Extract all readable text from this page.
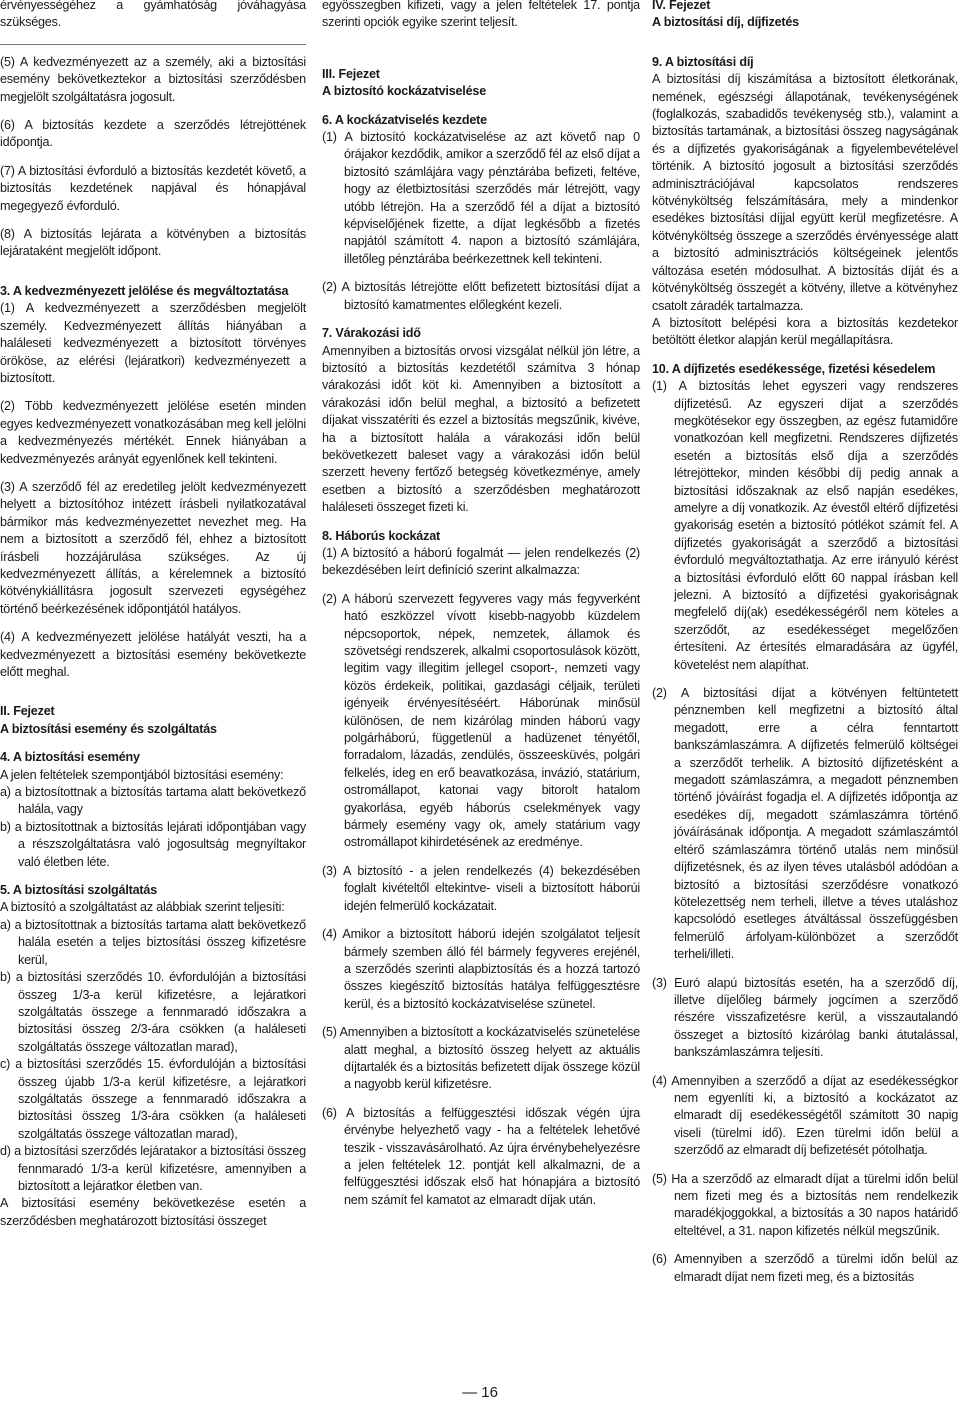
érvényességéhez a gyámhatóság jóváhagyása szükséges.

(5) A kedvezményezett az a személy, aki a biztosítási esemény bekövetkeztekor a biztosítási szerződésben megjelölt szolgáltatásra jogosult.

(6) A biztosítás kezdete a szerződés létrejöttének időpontja.

(7) A biztosítási évforduló a biztosítás kezdetét követő, a biztosítás kezdetének napjával és hónapjával megegyező évforduló.

(8) A biztosítás lejárata a kötvényben a biztosítás lejárataként megjelölt időpont.

3. A kedvezményezett jelölése és megváltoztatása

(1) A kedvezményezett a szerződésben megjelölt személy. Kedvezményezett állítás hiányában a haláleseti kedvezményezett a biztosított törvényes örököse, az elérési (lejáratkori) kedvezményezett a biztosított.

(2) Több kedvezményezett jelölése esetén minden egyes kedvezményezett vonatkozásában meg kell jelölni a kedvezményezés mértékét. Ennek hiányában a kedvezményezés arányát egyenlőnek kell tekinteni.

(3) A szerződő fél az eredetileg jelölt kedvezményezett helyett a biztosítóhoz intézett írásbeli nyilatkozatával bármikor más kedvezményezettet nevezhet meg. Ha nem a biztosított a szerződő fél, ehhez a biztosított írásbeli hozzájárulása szükséges. Az új kedvezményezett állítás, a kérelemnek a biztosító kötvénykiállításra jogosult szervezeti egységéhez történő beérkezésének időpontjától hatályos.

(4) A kedvezményezett jelölése hatályát veszti, ha a kedvezményezett a biztosítási esemény bekövetkezte előtt meghal.

II. Fejezet

A biztosítási esemény és szolgáltatás

4. A biztosítási esemény

A jelen feltételek szempontjából biztosítási esemény:

a) a biztosítottnak a biztosítás tartama alatt bekövetkező halála, vagy

b) a biztosítottnak a biztosítás lejárati időpontjában vagy a részszolgáltatásra való jogosultság megnyíltakor való életben léte.

5. A biztosítási szolgáltatás

A biztosító a szolgáltatást az alábbiak szerint teljesíti:

a) a biztosítottnak a biztosítás tartama alatt bekövetkező halála esetén a teljes biztosítási összeg kifizetésre kerül,

b) a biztosítási szerződés 10. évfordulóján a biztosítási összeg 1/3-a kerül kifizetésre, a lejáratkori szolgáltatás összege a fennmaradó időszakra a biztosítási összeg 2/3-ára csökken (a haláleseti szolgáltatás összege változatlan marad),

c) a biztosítási szerződés 15. évfordulóján a biztosítási összeg újabb 1/3-a kerül kifizetésre, a lejáratkori szolgáltatás összege a fennmaradó időszakra a biztosítási összeg 1/3-ára csökken (a haláleseti szolgáltatás összege változatlan marad),

d) a biztosítási szerződés lejáratakor a biztosítási összeg fennmaradó 1/3-a kerül kifizetésre, amennyiben a biztosított a lejáratkor életben van.

A biztosítási esemény bekövetkezése esetén a szerződésben meghatározott biztosítási összeget

egyösszegben kifizeti, vagy a jelen feltételek 17. pontja szerinti opciók egyike szerint teljesít.

III. Fejezet

A biztosító kockázatviselése

6. A kockázatviselés kezdete

(1) A biztosító kockázatviselése az azt követő nap 0 órájakor kezdődik, amikor a szerződő fél az első díjat a biztosító számlájára vagy pénztárába befizeti, feltéve, hogy az életbiztosítási szerződés már létrejött, vagy utóbb létrejön. Ha a szerződő fél a díjat a biztosító képviselőjének fizette, a díjat legkésőbb a fizetés napjától számított 4. napon a biztosító számlájára, illetőleg pénztárába beérkezettnek kell tekinteni.

(2) A biztosítás létrejötte előtt befizetett biztosítási díjat a biztosító kamatmentes előlegként kezeli.

7. Várakozási idő

Amennyiben a biztosítás orvosi vizsgálat nélkül jön létre, a biztosító a biztosítás kezdetétől számítva 3 hónap várakozási időt köt ki. Amennyiben a biztosított a várakozási időn belül meghal, a biztosító a befizetett díjakat visszatéríti és ezzel a biztosítás megszűnik, kivéve, ha a biztosított halála a várakozási időn belül bekövetkezett baleset vagy a várakozási időn belül szerzett heveny fertőző betegség következménye, amely esetben a biztosító a szerződésben meghatározott haláleseti összeget fizeti ki.

8. Háborús kockázat

(1) A biztosító a háború fogalmát — jelen rendelkezés (2) bekezdésében leírt definíció szerint alkalmazza:

(2) A háború szervezett fegyveres vagy más fegyverként ható eszközzel vívott kisebb-nagyobb küzdelem népcsoportok, népek, nemzetek, államok és szövetségi rendszerek, alkalmi csoportosulások között, legitim vagy illegitim jellegel csoport-, nemzeti vagy közös érdekeik, politikai, gazdasági céljaik, területi igényeik érvényesítéséért. Háborúnak minősül különösen, de nem kizárólag minden háború vagy polgárháború, függetlenül a hadüzenet tényétől, forradalom, lázadás, zendülés, összeesküvés, polgári felkelés, ideg en erő beavatkozása, invázió, statárium, ostromállapot, katonai vagy bitorolt hatalom gyakorlása, egyéb háborús cselekmények vagy bármely esemény vagy ok, amely statárium vagy ostromállapot kihirdetésének az eredménye.

(3) A biztosító - a jelen rendelkezés (4) bekezdésében foglalt kivételtől eltekintve- viseli a biztosított háborúi idején felmerülő kockázatait.

(4) Amikor a biztosított háború idején szolgálatot teljesít bármely szemben álló fél bármely fegyveres erejénél, a szerződés szerinti alapbiztosítás és a hozzá tartozó összes kiegészítő biztosítás hatálya felfüggesztésre kerül, és a biztosító kockázatviselése szünetel.

(5) Amennyiben a biztosított a kockázatviselés szünetelése alatt meghal, a biztosító összeg helyett az aktuális díjtartalék és a biztosítás befizetett díjak összege közül a nagyobb kerül kifizetésre.

(6) A biztosítás a felfüggesztési időszak végén újra érvénybe helyezhető vagy - ha a feltételek lehetővé teszik - visszavásárolható. Az újra érvénybehelyezésre a jelen feltételek 12. pontját kell alkalmazni, de a felfüggesztési időszak első hat hónapjára a biztosító nem számít fel kamatot az elmaradt díjak után.

IV. Fejezet

A biztosítási díj, díjfizetés

9. A biztosítási díj

A biztosítási díj kiszámítása a biztosított életkorának, nemének, egészségi állapotának, tevékenységének (foglalkozás, szabadidős tevékenység stb.), valamint a biztosítás tartamának, a biztosítási összeg nagyságának és a díjfizetés gyakoriságának a figyelembevételével történik. A biztosító jogosult a biztosítási szerződés adminisztrációjával kapcsolatos rendszeres kötvényköltség felszámítására, mely a mindenkor esedékes biztosítási díjjal együtt kerül megfizetésre. A kötvényköltség összege a szerződés érvényessége alatt a biztosító adminisztrációs költségeinek jelentős változása esetén módosulhat. A biztosítás díját és a kötvényköltség összegét a kötvény, illetve a kötvényhez csatolt záradék tartalmazza.

A biztosított belépési kora a biztosítás kezdetekor betöltött életkor alapján kerül megállapításra.

10. A díjfizetés esedékessége, fizetési késedelem

(1) A biztosítás lehet egyszeri vagy rendszeres díjfizetésű. Az egyszeri díjat a szerződés megkötésekor egy összegben, az egész futamidőre vonatkozóan kell megfizetni. Rendszeres díjfizetés esetén a biztosítás első díja a szerződés létrejöttekor, minden későbbi díj pedig annak a biztosítási időszaknak az első napján esedékes, amelyre a díj vonatkozik. Az évestől eltérő díjfizetési gyakoriság esetén a biztosító pótlékot számít fel. A díjfizetés gyakoriságát a szerződő a biztosítási évforduló megváltoztathatja. Az erre irányuló kérést a biztosítási évforduló előtt 60 nappal írásban kell jelezni. A biztosító a díjfizetési gyakoriságnak megfelelő díj(ak) esedékességéről nem köteles a szerződőt, az esedékességet megelőzően értesíteni. Az értesítés elmaradására az ügyfél, követelést nem alapíthat.

(2) A biztosítási díjat a kötvényen feltüntetett pénznemben kell megfizetni a biztosító által megadott, erre a célra fenntartott bankszámlaszámra. A díjfizetés felmerülő költségei a szerződőt terhelik. A biztosító díjfizetésként a megadott számlaszámra, a megadott pénznemben történő jóváírást fogadja el. A díjfizetés időpontja az esedékes díj, megadott számlaszámra történő jóváírásának időpontja. A megadott számlaszámtól eltérő számlaszámra történő utalás nem minősül díjfizetésnek, és az ilyen téves utalásból adódóan a biztosító a biztosítási szerződésre vonatkozó kötelezettség nem terheli, illetve a téves utaláshoz kapcsolódó esetleges átváltással összefüggésben felmerülő árfolyam-különbözet a szerződőt terheli/illeti.

(3) Euró alapú biztosítás esetén, ha a szerződő díj, illetve díjelőleg bármely jogcímen a szerződő részére visszafizetésre kerül, a visszautalandó összeget a biztosító kizárólag banki átutalással, bankszámlaszámra teljesíti.

(4) Amennyiben a szerződő a díjat az esedékességkor nem egyenlíti ki, a biztosító a kockázatot az elmaradt díj esedékességétől számított 30 napig viseli (türelmi idő). Ezen türelmi időn belül a szerződő az elmaradt díj befizetését pótolhatja.

(5) Ha a szerződő az elmaradt díjat a türelmi időn belül nem fizeti meg és a biztosítás nem rendelkezik maradékjoggokkal, a biztosítás a 30 napos határidő elteltével, a 31. napon kifizetés nélkül megszűnik.

(6) Amennyiben a szerződő a türelmi időn belül az elmaradt díjat nem fizeti meg, és a biztosítás

— 16
